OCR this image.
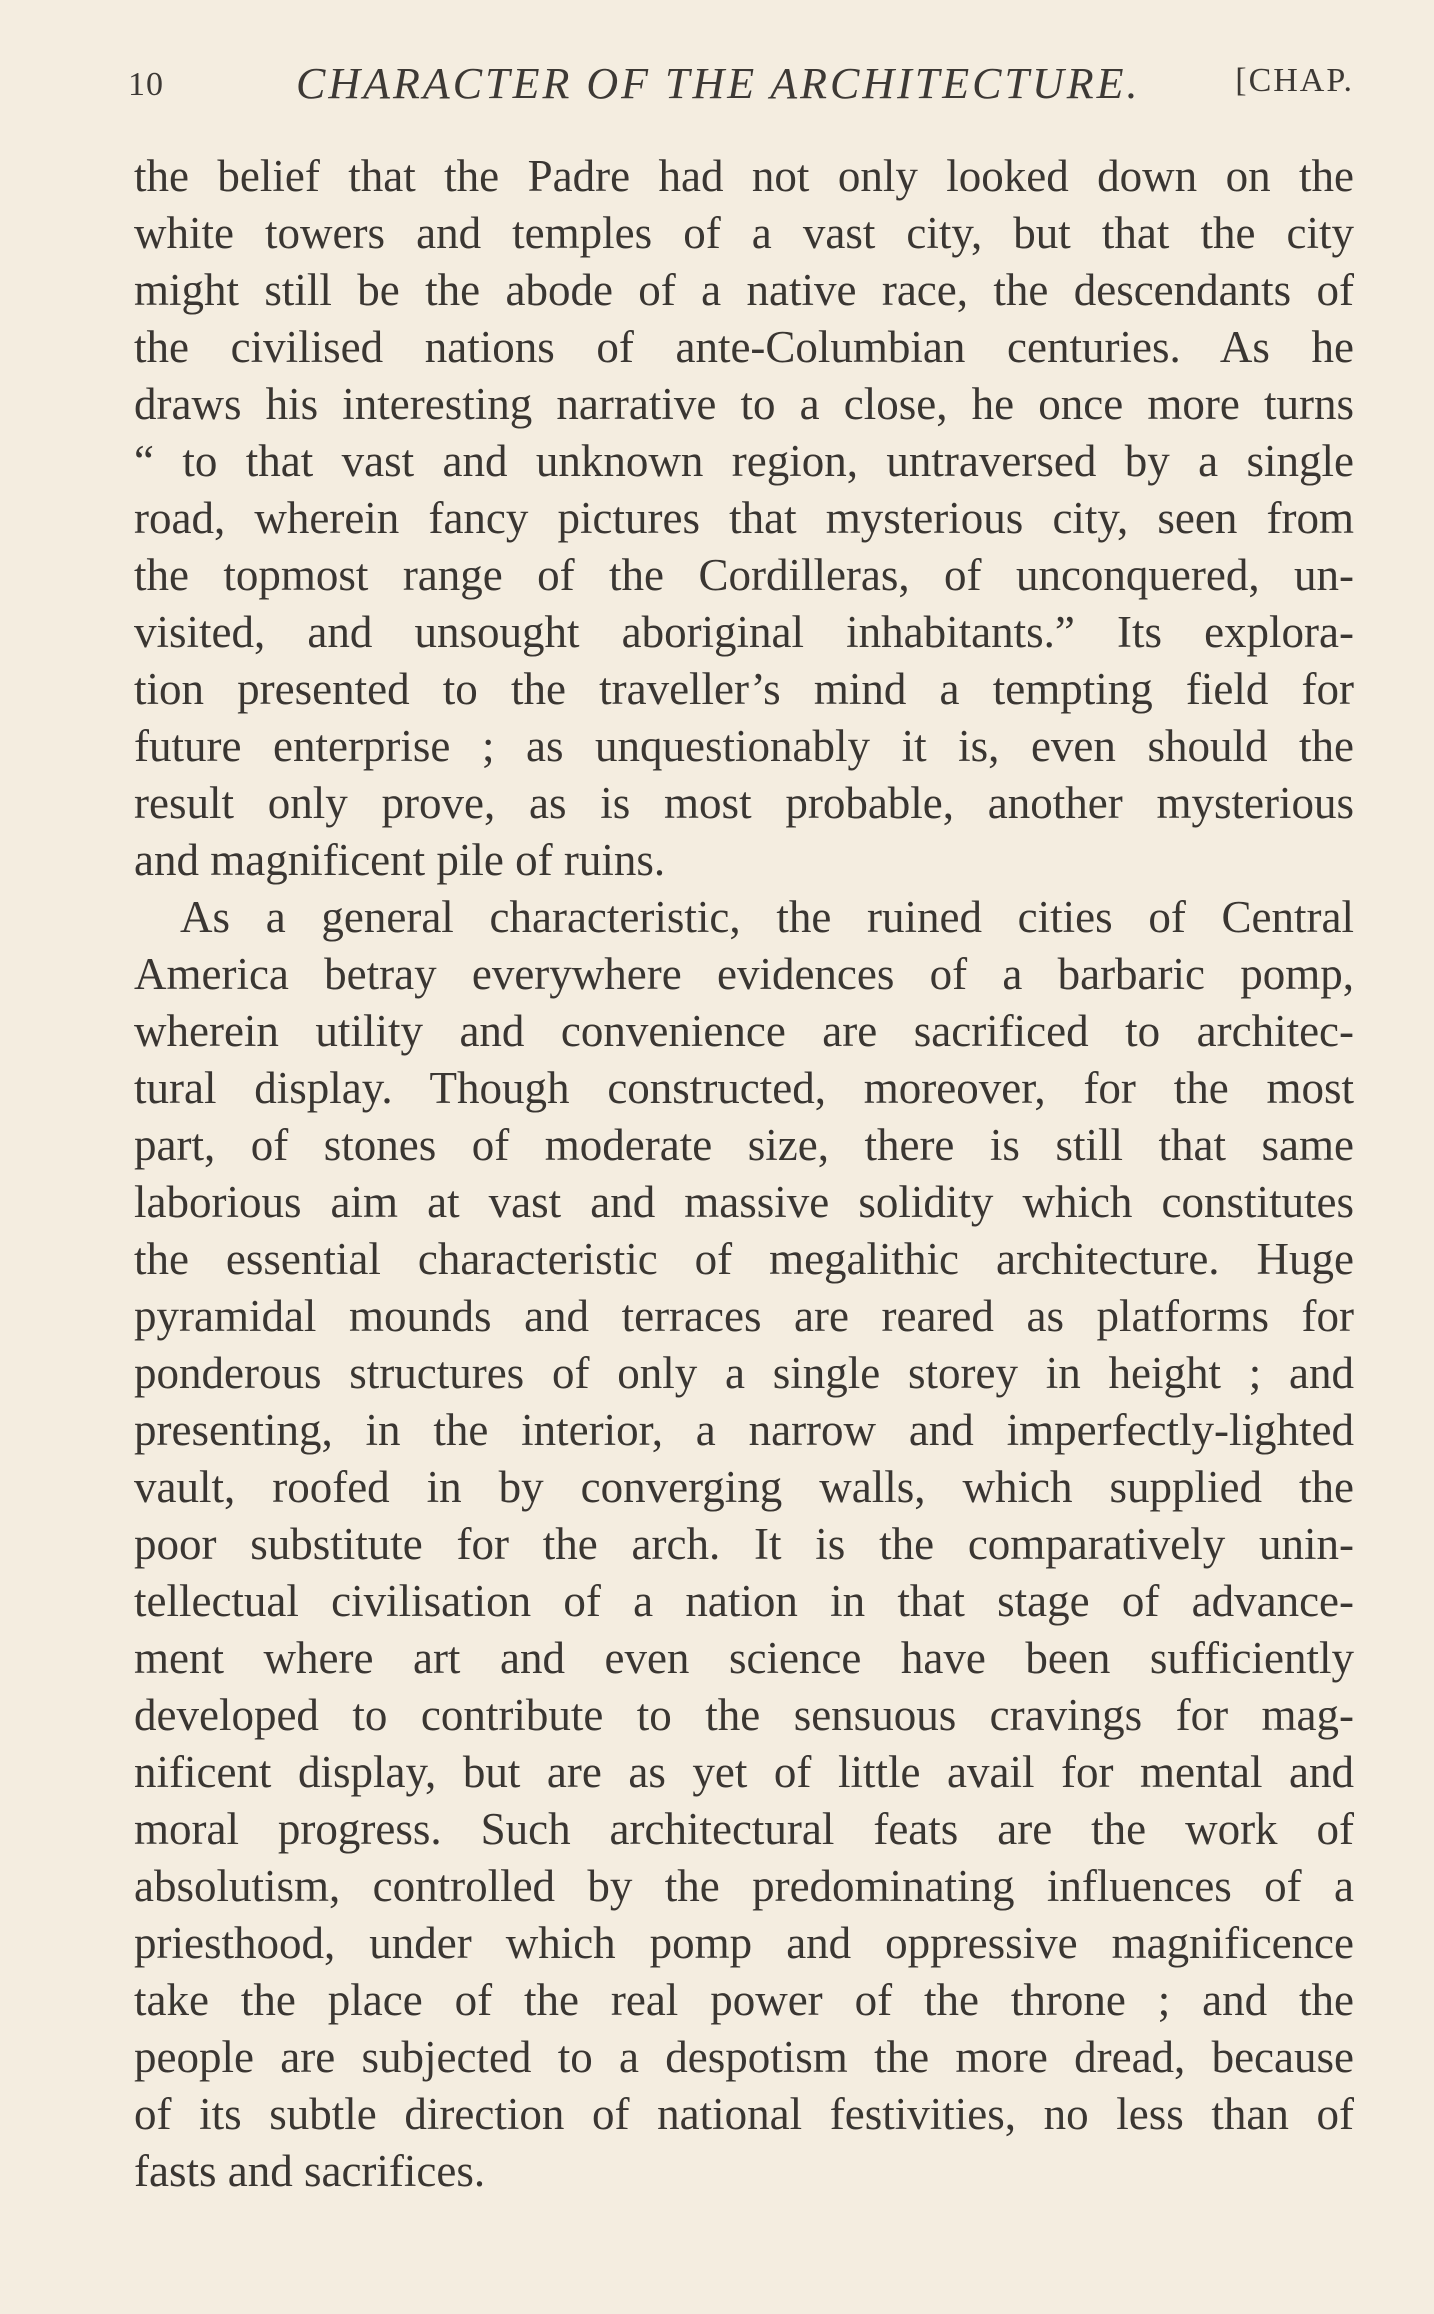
10	CHARACTER OF THE ARCHITECTURE.	[CHAP.
the belief that the Padre had not only looked down on the
white towers and temples of a vast city, but that the city
might still be the abode of a native race, the descendants of
the civilised nations of ante-Columbian centuries. As he
draws his interesting narrative to a close, he once more turns
“ to that vast and unknown region, untraversed by a single
road, wherein fancy pictures that mysterious city, seen from
the topmost range of the Cordilleras, of unconquered, un-
visited, and unsought aboriginal inhabitants.” Its explora-
tion presented to the traveller’s mind a tempting field for
future enterprise ; as unquestionably it is, even should the
result only prove, as is most probable, another mysterious
and magnificent pile of ruins.
As a general characteristic, the ruined cities of Central
America betray everywhere evidences of a barbaric pomp,
wherein utility and convenience are sacrificed to architec-
tural display. Though constructed, moreover, for the most
part, of stones of moderate size, there is still that same
laborious aim at vast and massive solidity which constitutes
the essential characteristic of megalithic architecture. Huge
pyramidal mounds and terraces are reared as platforms for
ponderous structures of only a single storey in height ; and
presenting, in the interior, a narrow and imperfectly-lighted
vault, roofed in by converging walls, which supplied the
poor substitute for the arch. It is the comparatively unin-
tellectual civilisation of a nation in that stage of advance-
ment where art and even science have been sufficiently
developed to contribute to the sensuous cravings for mag-
nificent display, but are as yet of little avail for mental and
moral progress. Such architectural feats are the work of
absolutism, controlled by the predominating influences of a
priesthood, under which pomp and oppressive magnificence
take the place of the real power of the throne ; and the
people are subjected to a despotism the more dread, because
of its subtle direction of national festivities, no less than of
fasts and sacrifices.
